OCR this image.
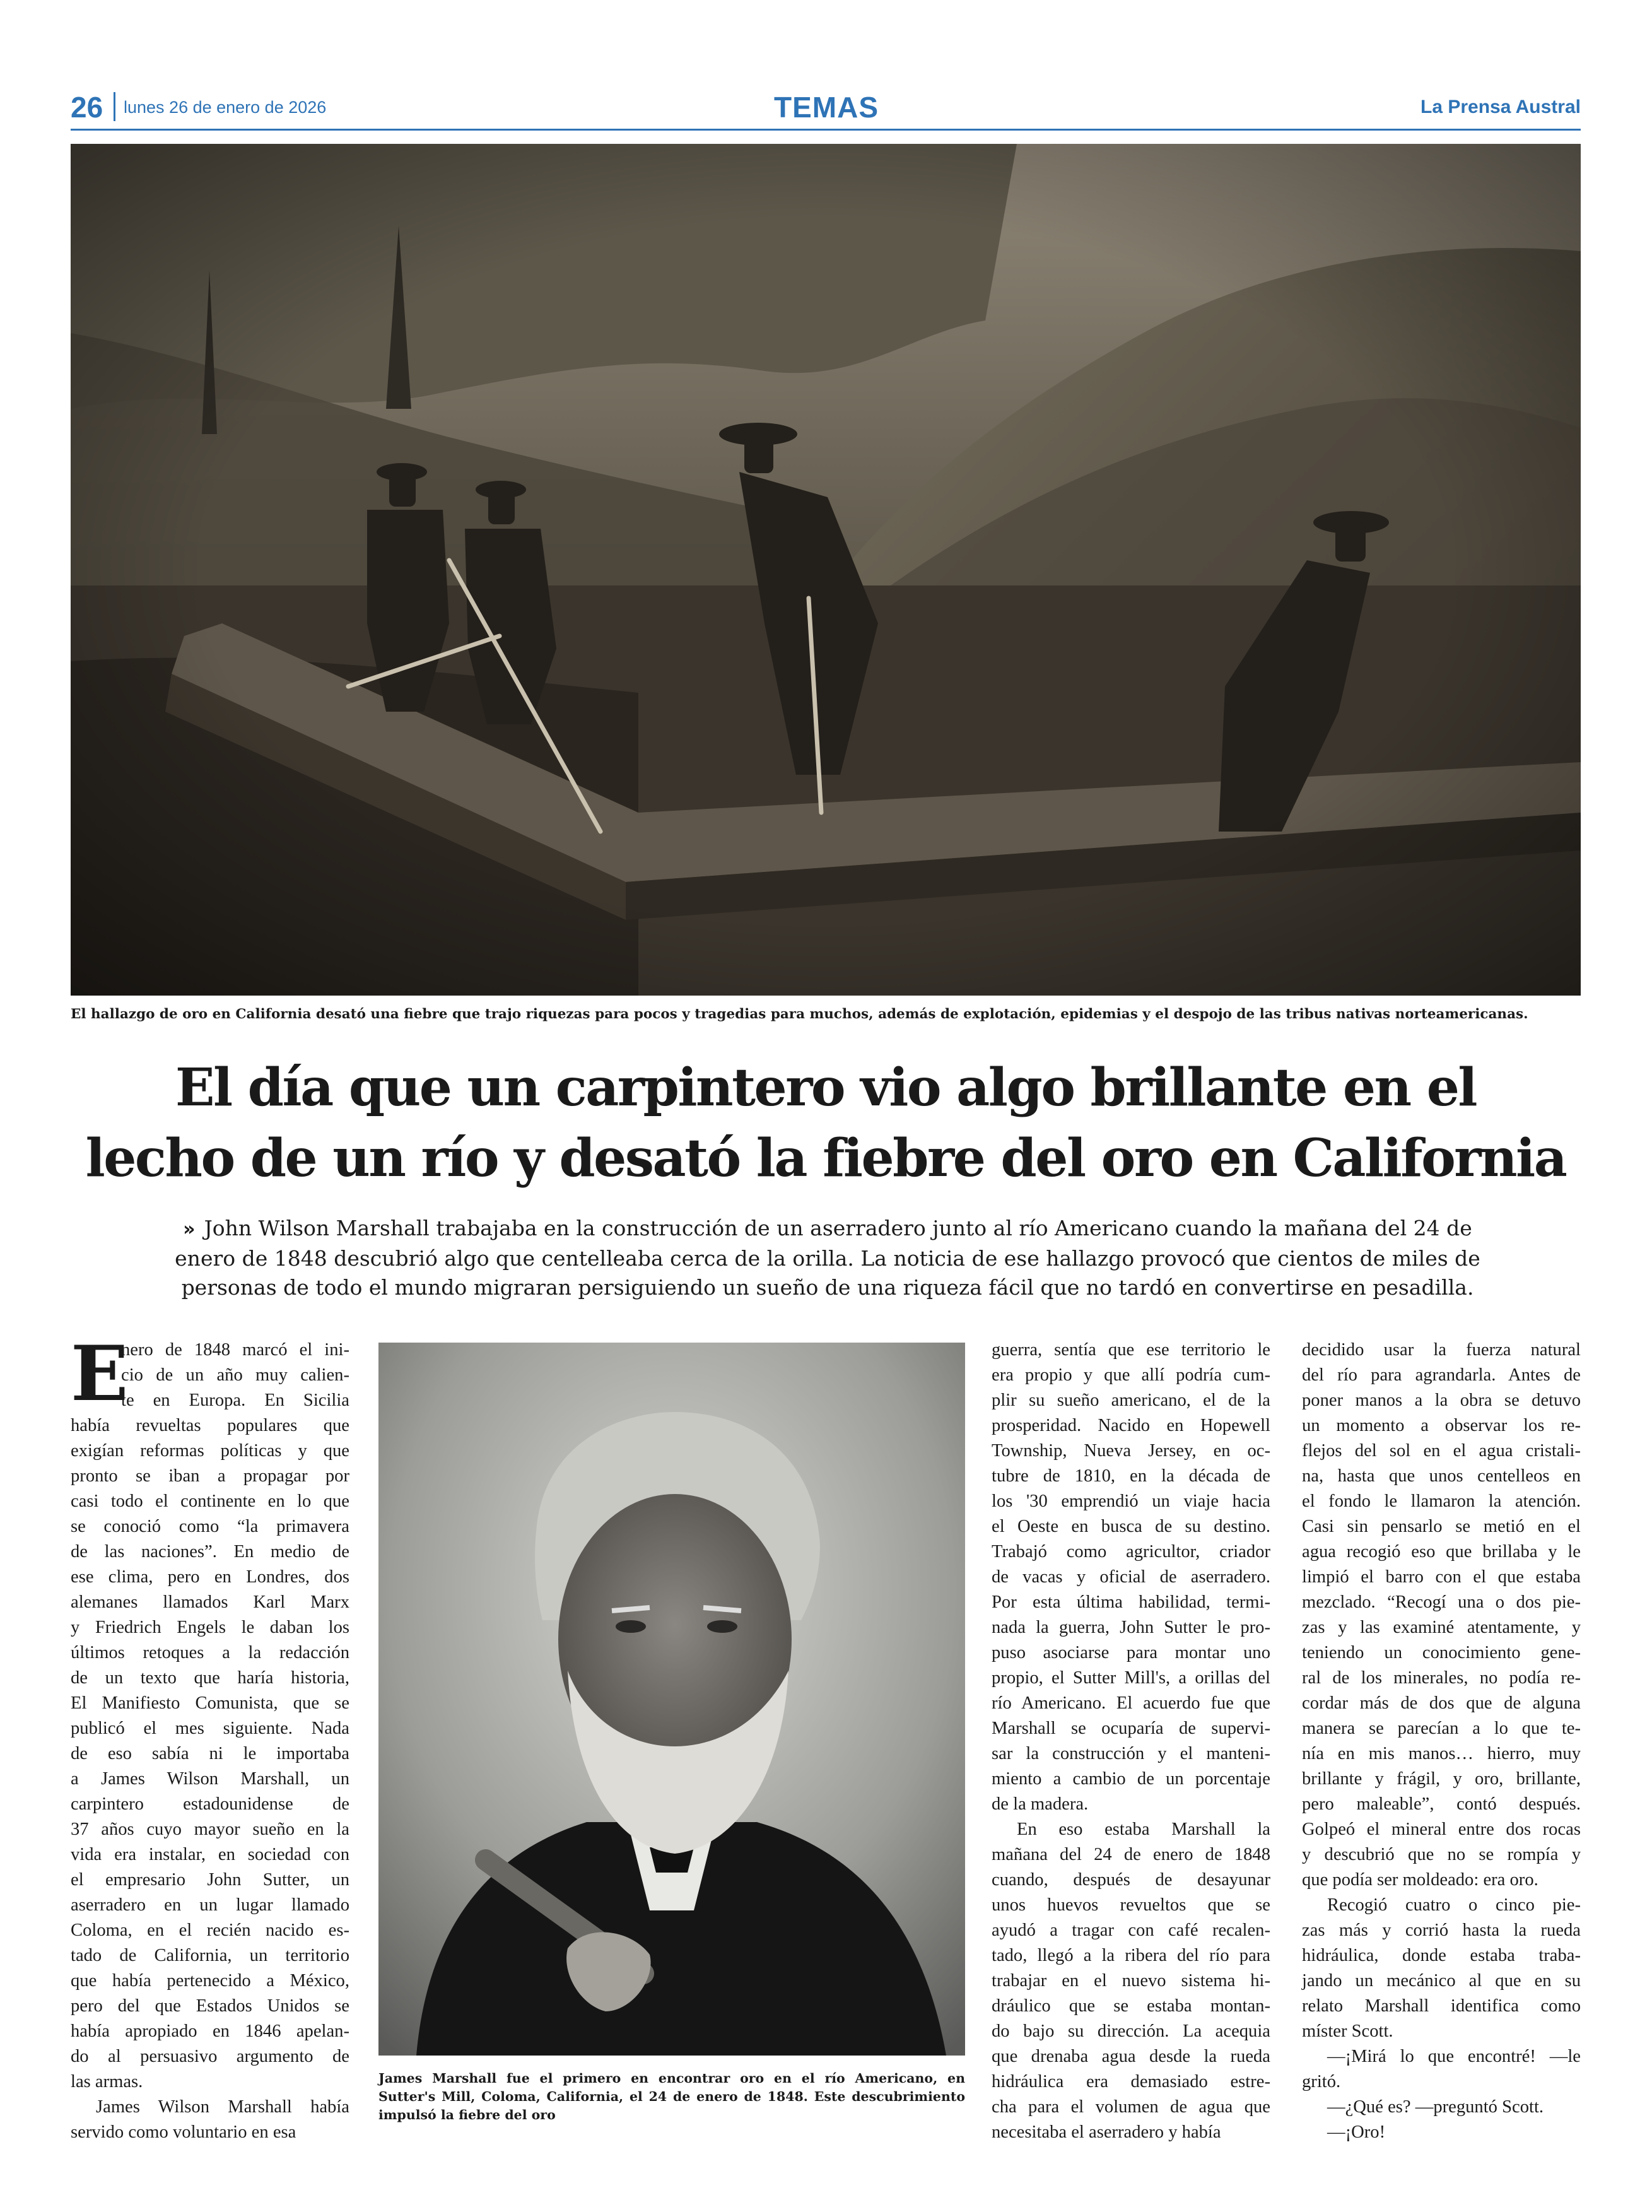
26 lunes 26 de enero de 2026	TEMAS	La Prensa Austral
El hallazgo de oro en California desató una fiebre que trajo riquezas para pocos y tragedias para muchos, además de explotación, epidemias y el despojo de las tribus nativas norteamericanas.
El día que un carpintero vio algo brillante en el
lecho de un río y desató la fiebre del oro en California
» John Wilson Marshall trabajaba en la construcción de un aserradero junto al río Americano cuando la mañana del 24 de
enero de 1848 descubrió algo que centelleaba cerca de la orilla. La noticia de ese hallazgo provocó que cientos de miles de
personas de todo el mundo migraran persiguiendo un sueño de una riqueza fácil que no tardó en convertirse en pesadilla.
E
nero de 1848 marcó el ini-
cio de un año muy calien-
te en Europa. En Sicilia
había revueltas populares que
exigían reformas políticas y que
pronto se iban a propagar por
casi todo el continente en lo que
se conoció como “la primavera
de las naciones”. En medio de
ese clima, pero en Londres, dos
alemanes llamados Karl Marx
y Friedrich Engels le daban los
últimos retoques a la redacción
de un texto que haría historia,
El Manifiesto Comunista, que se
publicó el mes siguiente. Nada
de eso sabía ni le importaba
a James Wilson Marshall, un
carpintero estadounidense de
37 años cuyo mayor sueño en la
vida era instalar, en sociedad con
el empresario John Sutter, un
aserradero en un lugar llamado
Coloma, en el recién nacido es-
tado de California, un territorio
que había pertenecido a México,
pero del que Estados Unidos se
había apropiado en 1846 apelan-
do al persuasivo argumento de
las armas.
James Wilson Marshall había
servido como voluntario en esa
James Marshall fue el primero en encontrar oro en el río Americano, en
Sutter's Mill, Coloma, California, el 24 de enero de 1848. Este descubrimiento
impulsó la fiebre del oro
guerra, sentía que ese territorio le
era propio y que allí podría cum-
plir su sueño americano, el de la
prosperidad. Nacido en Hopewell
Township, Nueva Jersey, en oc-
tubre de 1810, en la década de
los '30 emprendió un viaje hacia
el Oeste en busca de su destino.
Trabajó como agricultor, criador
de vacas y oficial de aserradero.
Por esta última habilidad, termi-
nada la guerra, John Sutter le pro-
puso asociarse para montar uno
propio, el Sutter Mill's, a orillas del
río Americano. El acuerdo fue que
Marshall se ocuparía de supervi-
sar la construcción y el manteni-
miento a cambio de un porcentaje
de la madera.
En eso estaba Marshall la
mañana del 24 de enero de 1848
cuando, después de desayunar
unos huevos revueltos que se
ayudó a tragar con café recalen-
tado, llegó a la ribera del río para
trabajar en el nuevo sistema hi-
dráulico que se estaba montan-
do bajo su dirección. La acequia
que drenaba agua desde la rueda
hidráulica era demasiado estre-
cha para el volumen de agua que
necesitaba el aserradero y había
decidido usar la fuerza natural
del río para agrandarla. Antes de
poner manos a la obra se detuvo
un momento a observar los re-
flejos del sol en el agua cristali-
na, hasta que unos centelleos en
el fondo le llamaron la atención.
Casi sin pensarlo se metió en el
agua recogió eso que brillaba y le
limpió el barro con el que estaba
mezclado. “Recogí una o dos pie-
zas y las examiné atentamente, y
teniendo un conocimiento gene-
ral de los minerales, no podía re-
cordar más de dos que de alguna
manera se parecían a lo que te-
nía en mis manos… hierro, muy
brillante y frágil, y oro, brillante,
pero maleable”, contó después.
Golpeó el mineral entre dos rocas
y descubrió que no se rompía y
que podía ser moldeado: era oro.
Recogió cuatro o cinco pie-
zas más y corrió hasta la rueda
hidráulica, donde estaba traba-
jando un mecánico al que en su
relato Marshall identifica como
míster Scott.
—¡Mirá lo que encontré! —le
gritó.
—¿Qué es? —preguntó Scott.
—¡Oro!
